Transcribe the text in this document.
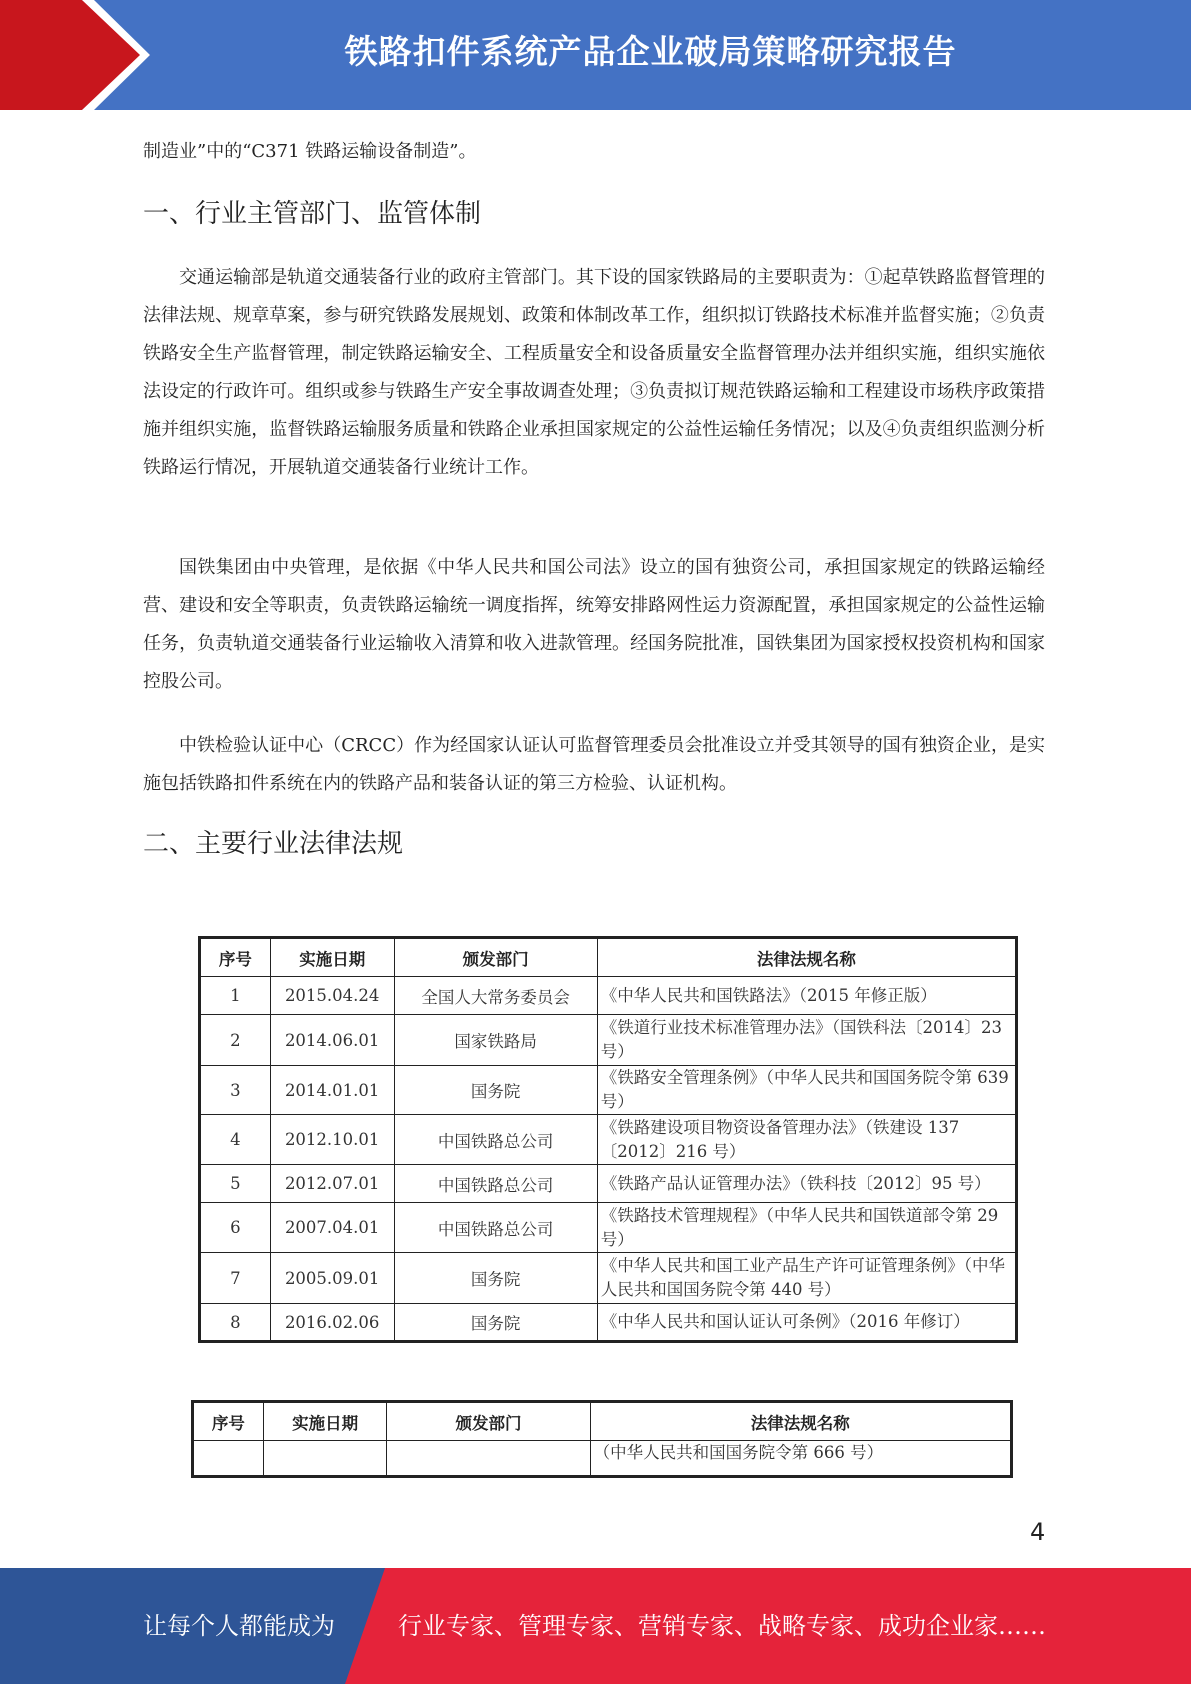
铁路扣件系统产品企业破局策略研究报告

制造业”中的“C371 铁路运输设备制造”。

一、行业主管部门、监管体制

交通运输部是轨道交通装备行业的政府主管部门。其下设的国家铁路局的主要职责为：①起草铁路监督管理的法律法规、规章草案，参与研究铁路发展规划、政策和体制改革工作，组织拟订铁路技术标准并监督实施；②负责铁路安全生产监督管理，制定铁路运输安全、工程质量安全和设备质量安全监督管理办法并组织实施，组织实施依法设定的行政许可。组织或参与铁路生产安全事故调查处理；③负责拟订规范铁路运输和工程建设市场秩序政策措施并组织实施，监督铁路运输服务质量和铁路企业承担国家规定的公益性运输任务情况；以及④负责组织监测分析铁路运行情况，开展轨道交通装备行业统计工作。

国铁集团由中央管理，是依据《中华人民共和国公司法》设立的国有独资公司，承担国家规定的铁路运输经营、建设和安全等职责，负责铁路运输统一调度指挥，统筹安排路网性运力资源配置，承担国家规定的公益性运输任务，负责轨道交通装备行业运输收入清算和收入进款管理。经国务院批准，国铁集团为国家授权投资机构和国家控股公司。

中铁检验认证中心（CRCC）作为经国家认证认可监督管理委员会批准设立并受其领导的国有独资企业，是实施包括铁路扣件系统在内的铁路产品和装备认证的第三方检验、认证机构。

二、主要行业法律法规
序号	实施日期	颁发部门	法律法规名称
1	2015.04.24	全国人大常务委员会	《中华人民共和国铁路法》（2015 年修正版）
2	2014.06.01	国家铁路局	《铁道行业技术标准管理办法》（国铁科法〔2014〕23 号）
3	2014.01.01	国务院	《铁路安全管理条例》（中华人民共和国国务院令第 639 号）
4	2012.10.01	中国铁路总公司	《铁路建设项目物资设备管理办法》（铁建设 137〔2012〕216 号）
5	2012.07.01	中国铁路总公司	《铁路产品认证管理办法》（铁科技〔2012〕95 号）
6	2007.04.01	中国铁路总公司	《铁路技术管理规程》（中华人民共和国铁道部令第 29 号）
7	2005.09.01	国务院	《中华人民共和国工业产品生产许可证管理条例》（中华人民共和国国务院令第 440 号）
8	2016.02.06	国务院	《中华人民共和国认证认可条例》（2016 年修订）
序号	实施日期	颁发部门	法律法规名称
			（中华人民共和国国务院令第 666 号）
4
让每个人都能成为	行业专家、管理专家、营销专家、战略专家、成功企业家……
